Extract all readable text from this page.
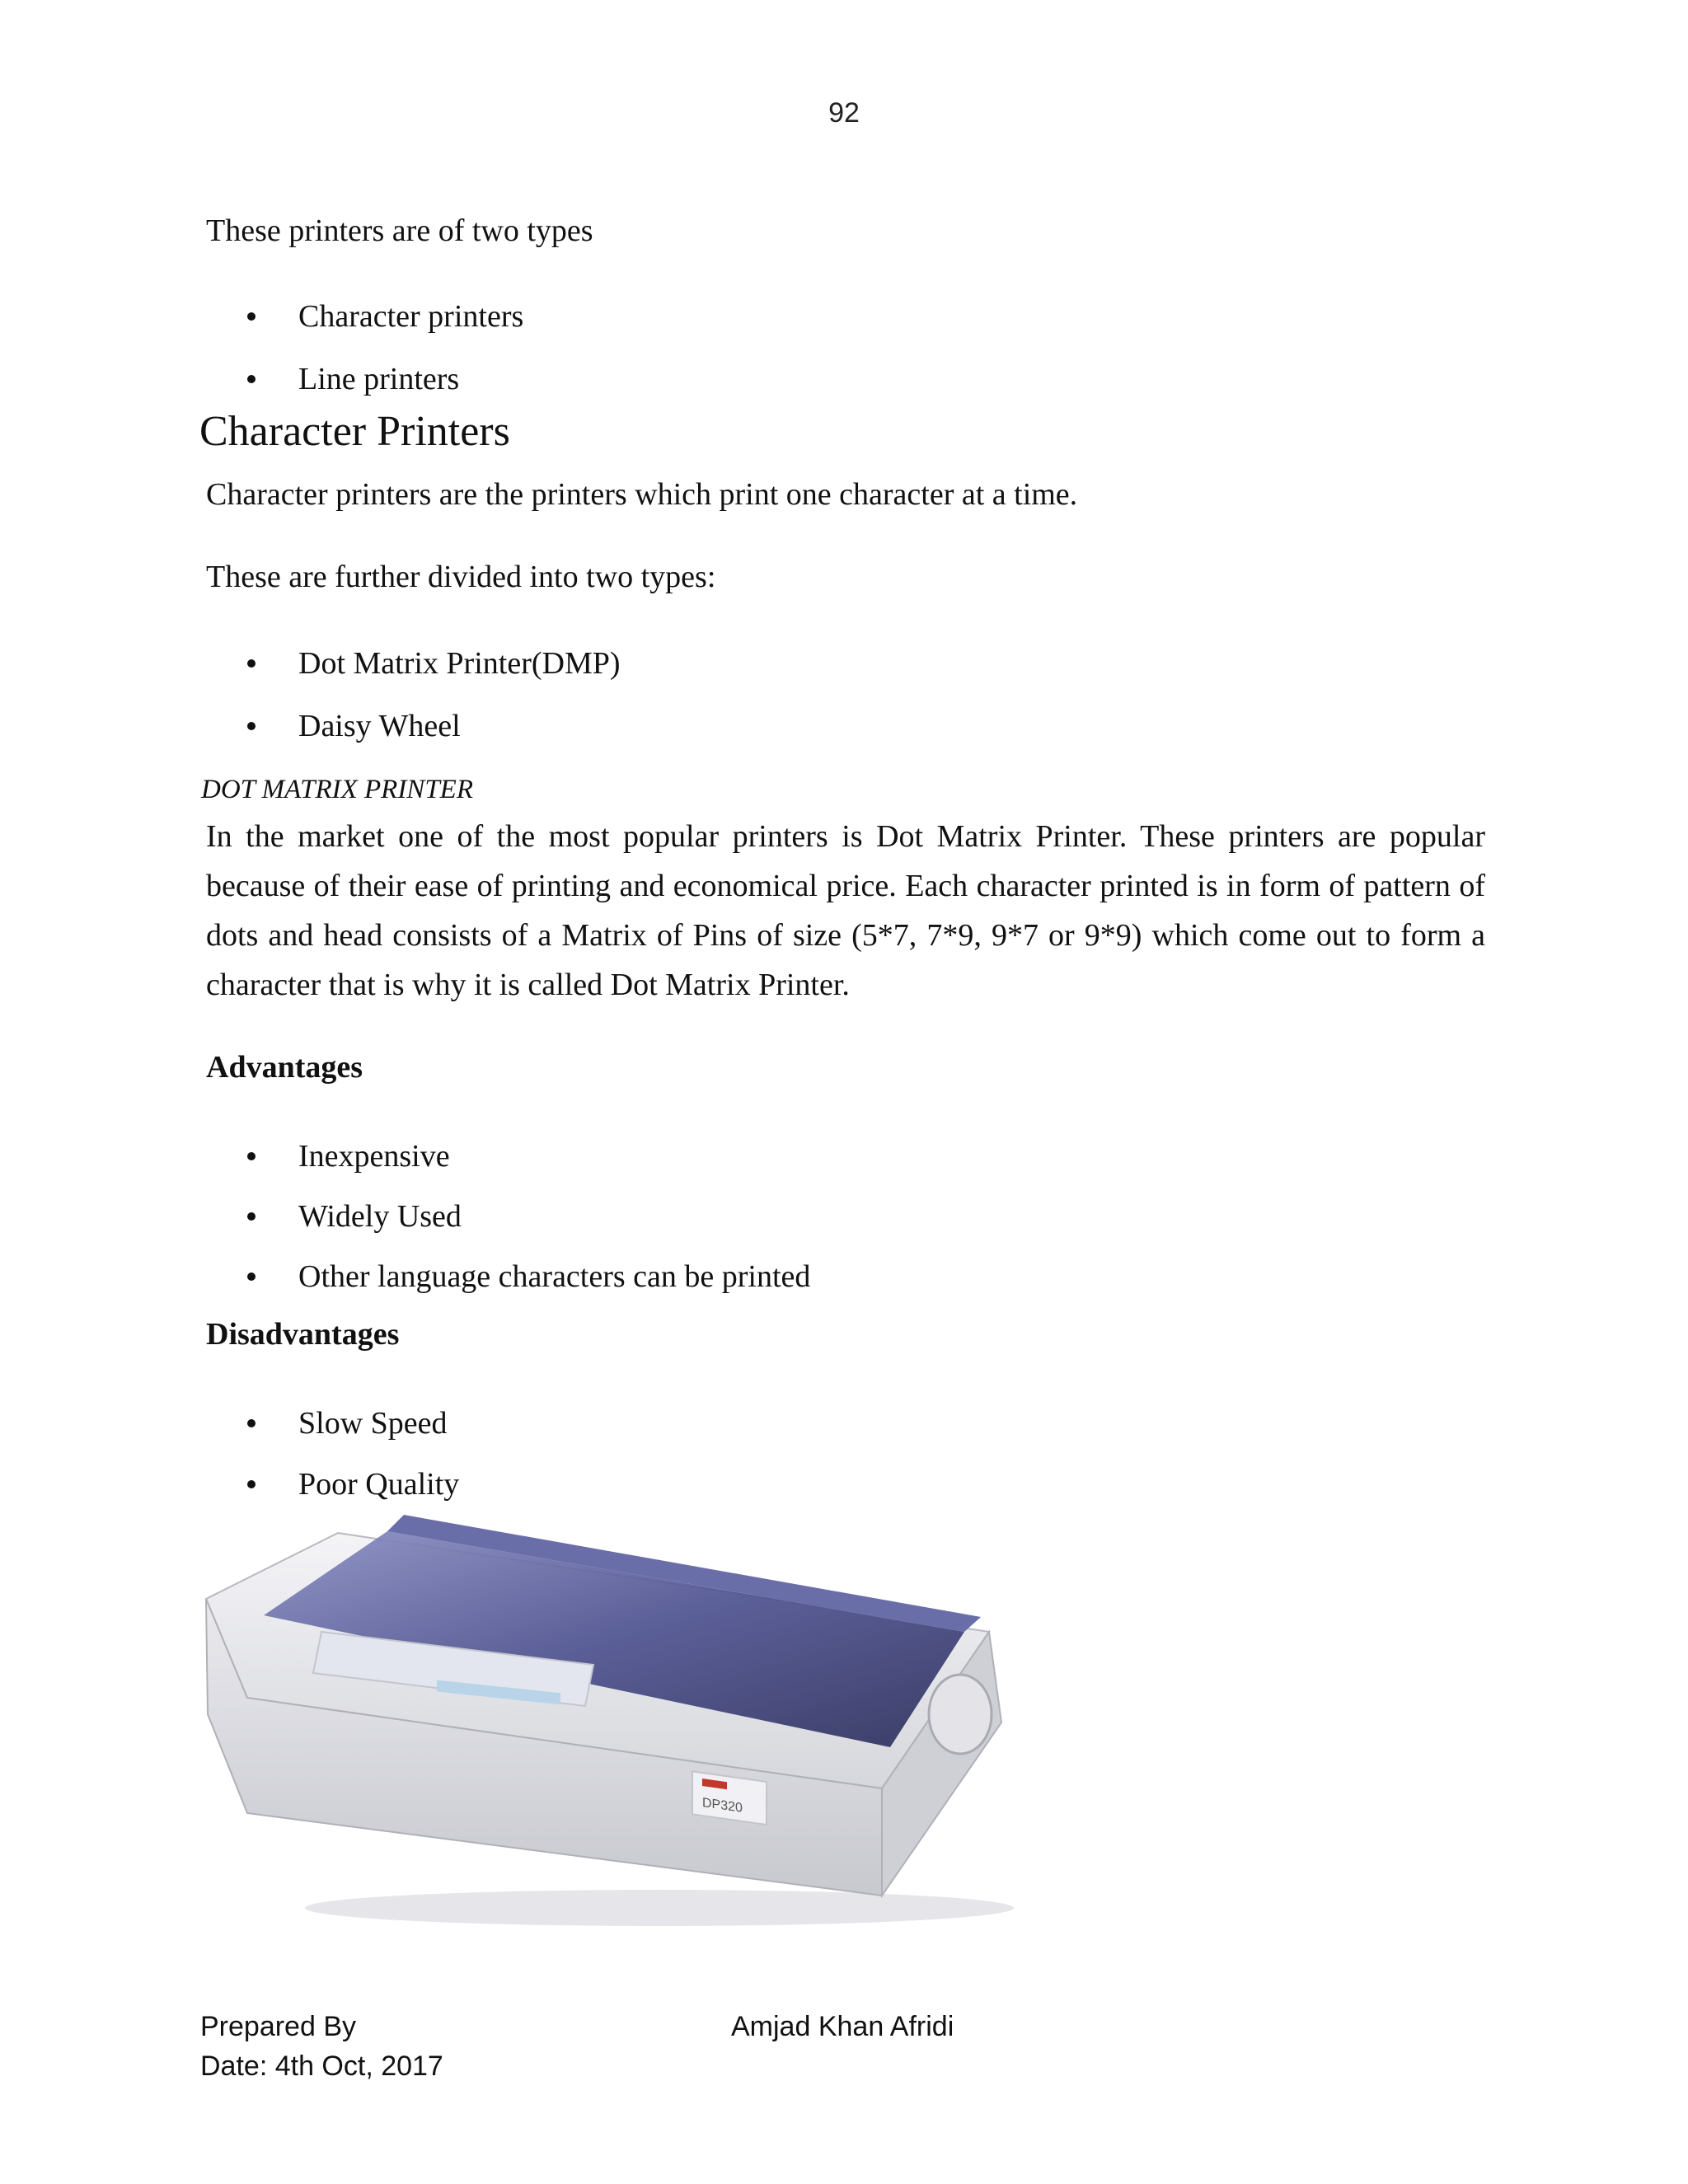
92
These printers are of two types
Character printers
Line printers
Character Printers
Character printers are the printers which print one character at a time.
These are further divided into two types:
Dot Matrix Printer(DMP)
Daisy Wheel
DOT MATRIX PRINTER

In the market one of the most popular printers is Dot Matrix Printer. These printers are popular because of their ease of printing and economical price. Each character printed is in form of pattern of dots and head consists of a Matrix of Pins of size (5*7, 7*9, 9*7 or 9*9) which come out to form a character that is why it is called Dot Matrix Printer.

Advantages
Inexpensive
Widely Used
Other language characters can be printed
Disadvantages
Slow Speed
Poor Quality
DP320
Prepared By	Amjad Khan Afridi
Date: 4th Oct, 2017
